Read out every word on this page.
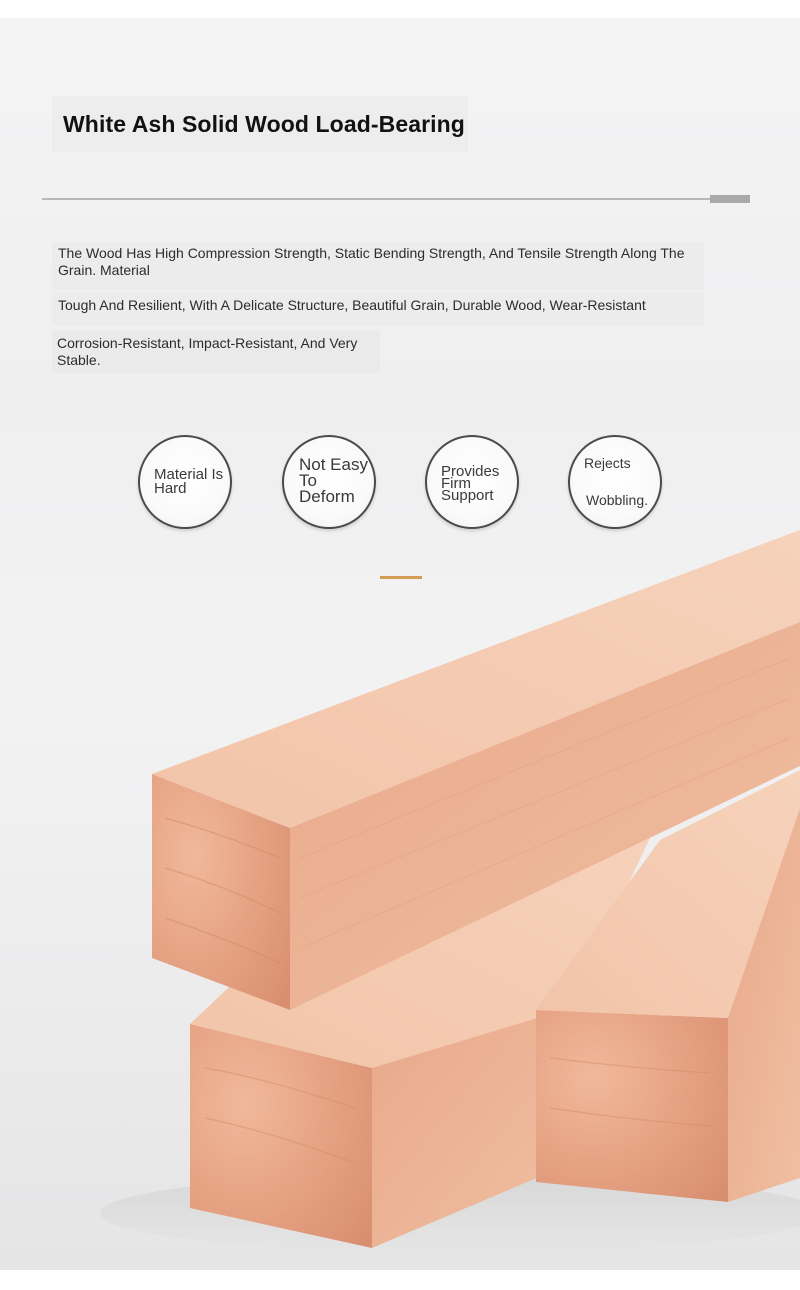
White Ash Solid Wood Load-Bearing

The Wood Has High Compression Strength, Static Bending Strength, And Tensile Strength Along The Grain. Material

Tough And Resilient, With A Delicate Structure, Beautiful Grain, Durable Wood, Wear-Resistant

Corrosion-Resistant, Impact-Resistant, And Very Stable.

Material Is Hard
Not Easy To Deform
Provides Firm Support
Rejects
Wobbling.
